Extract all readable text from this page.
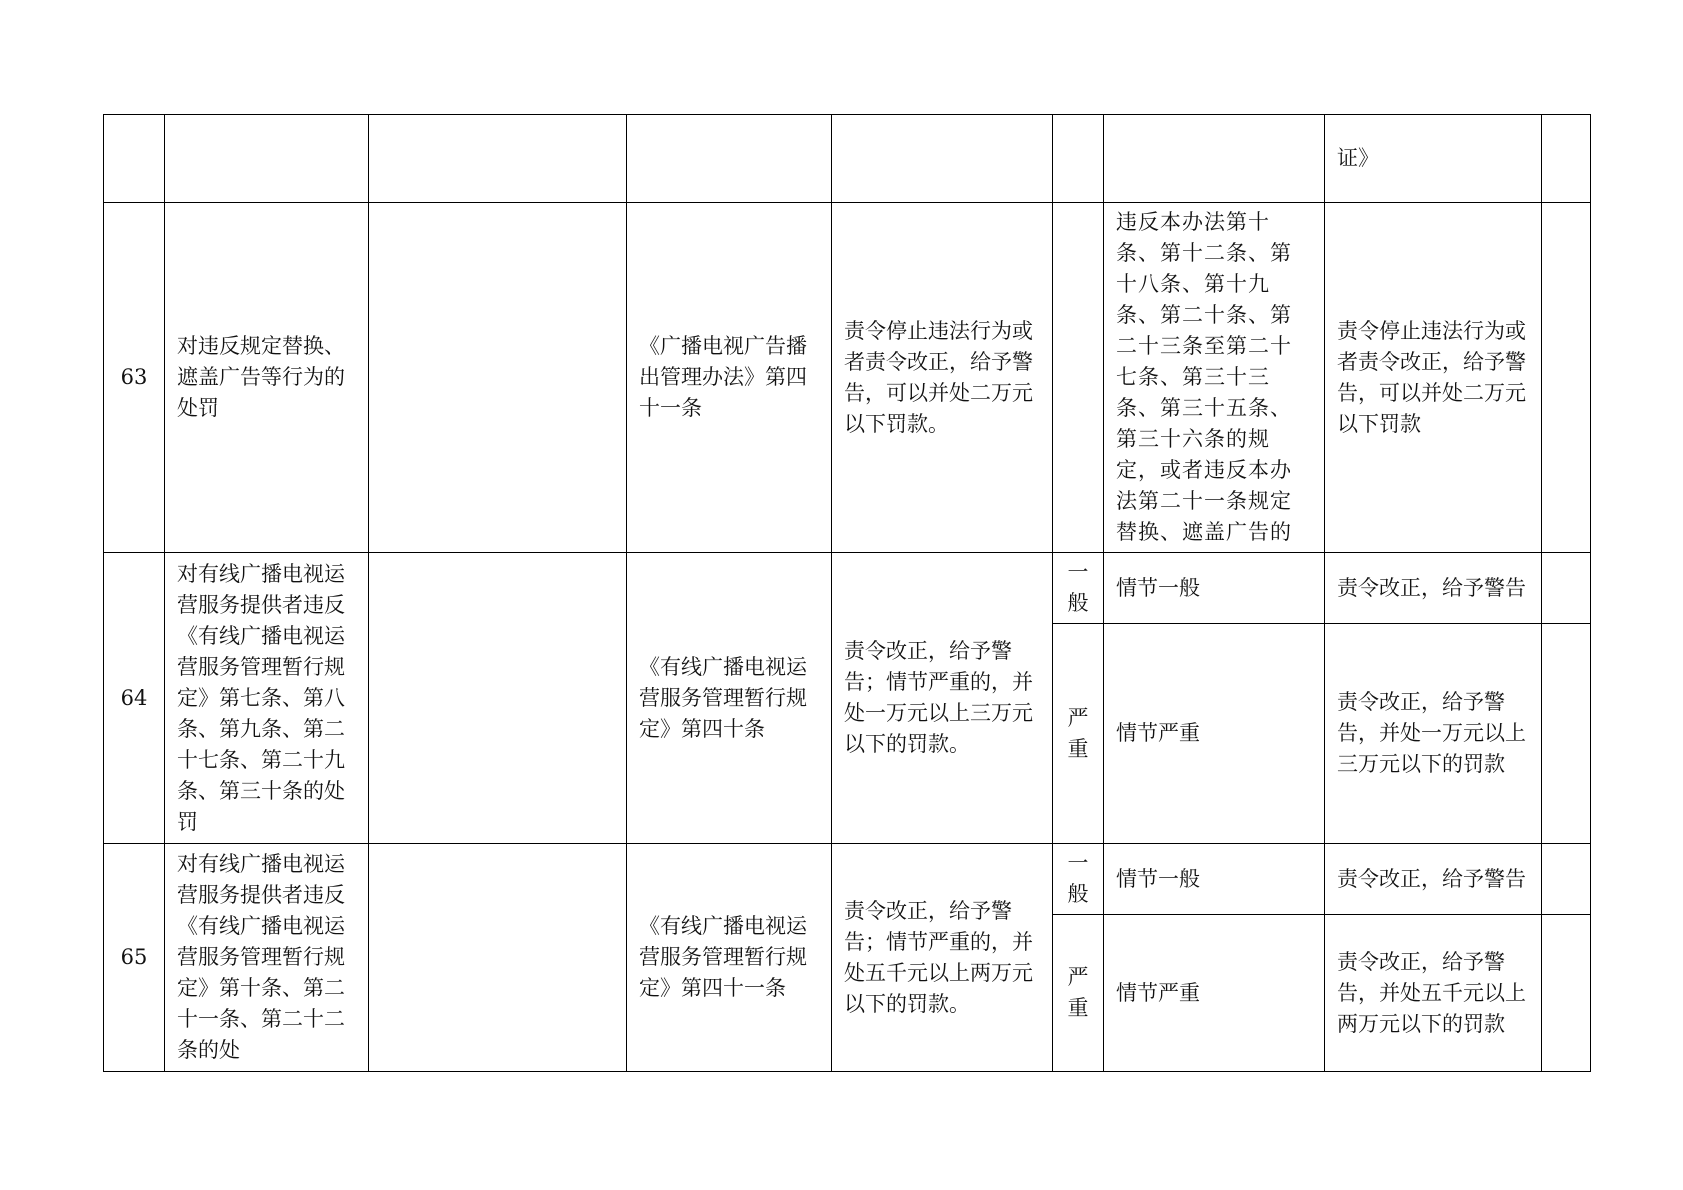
							证》	
63	对违反规定替换、遮盖广告等行为的处罚		《广播电视广告播出管理办法》第四十一条	责令停止违法行为或者责令改正，给予警告，可以并处二万元以下罚款。		违反本办法第十条、第十二条、第十八条、第十九条、第二十条、第二十三条至第二十七条、第三十三条、第三十五条、第三十六条的规定，或者违反本办法第二十一条规定替换、遮盖广告的	责令停止违法行为或者责令改正，给予警告，可以并处二万元以下罚款	
64	对有线广播电视运营服务提供者违反《有线广播电视运营服务管理暂行规定》第七条、第八条、第九条、第二十七条、第二十九条、第三十条的处罚		《有线广播电视运营服务管理暂行规定》第四十条	责令改正，给予警告；情节严重的，并处一万元以上三万元以下的罚款。	一般	情节一般	责令改正，给予警告	
					严重	情节严重	责令改正，给予警告，并处一万元以上三万元以下的罚款	
65	对有线广播电视运营服务提供者违反《有线广播电视运营服务管理暂行规定》第十条、第二十一条、第二十二条的处		《有线广播电视运营服务管理暂行规定》第四十一条	责令改正，给予警告；情节严重的，并处五千元以上两万元以下的罚款。	一般	情节一般	责令改正，给予警告	
					严重	情节严重	责令改正，给予警告，并处五千元以上两万元以下的罚款	
